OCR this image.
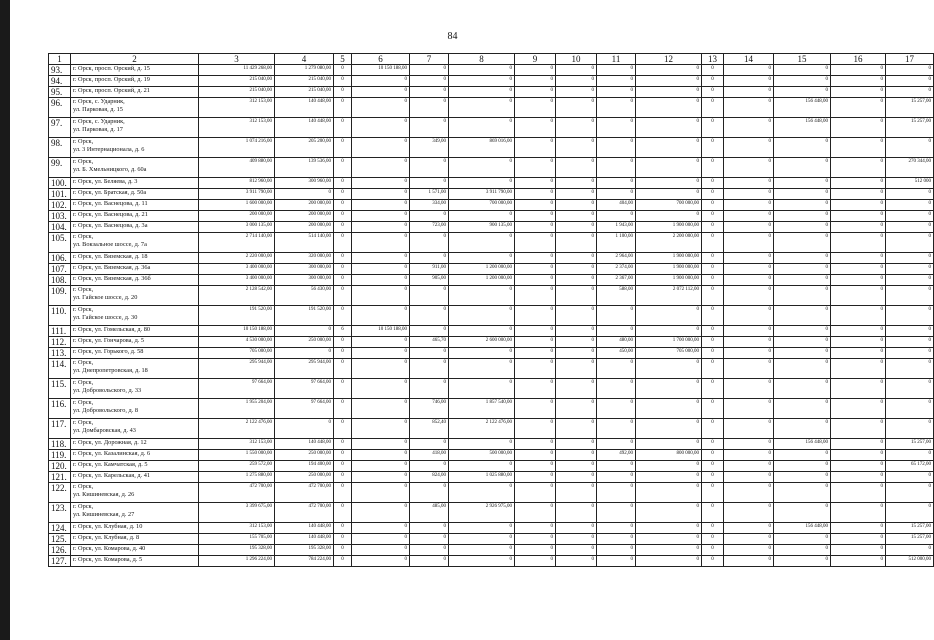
84
1	2	3	4	5	6	7	8	9	10	11	12	13	14	15	16	17
93.	г. Орск, просп. Орский, д. 15	11 429 268,00	1 279 080,00	0	10 150 188,00	0	0	0	0	0	0	0	0	0	0	0
94.	г. Орск, просп. Орский, д. 19	215 040,00	215 040,00	0	0	0	0	0	0	0	0	0	0	0	0	0
95.	г. Орск, просп. Орский, д. 21	215 040,00	215 040,00	0	0	0	0	0	0	0	0	0	0	0	0	0
96.	г. Орск, с. Ударник,
ул. Парковая, д. 15	312 153,00	140 448,00	0	0	0	0	0	0	0	0	0	0	156 448,00	0	15 257,00
97.	г. Орск, с. Ударник,
ул. Парковая, д. 17	312 153,00	140 448,00	0	0	0	0	0	0	0	0	0	0	156 448,00	0	15 257,00
98.	г. Орск,
ул. 3 Интернационала, д. 6	1 074 216,00	205 200,00	0	0	349,00	869 016,00	0	0	0	0	0	0	0	0	0
99.	г. Орск,
ул. Б. Хмельницкого, д. 60а	409 880,00	139 536,00	0	0	0	0	0	0	0	0	0	0	0	0	270 344,00
100.	г. Орск, ул. Беляева, д. 3	812 960,00	300 960,00	0	0	0	0	0	0	0	0	0	0	0	0	512 000
101.	г. Орск, ул. Братская, д. 50а	3 911 790,00	0	0	0	1 571,00	3 911 790,00	0	0	0	0	0	0	0	0	0
102.	г. Орск, ул. Васнецова, д. 11	1 600 000,00	200 000,00	0	0	334,00	700 000,00	0	0	404,00	700 000,00	0	0	0	0	0
103.	г. Орск, ул. Васнецова, д. 21	200 000,00	200 000,00	0	0	0	0	0	0	0	0	0	0	0	0	0
104.	г. Орск, ул. Васнецова, д. 3а	3 000 135,00	200 000,00	0	0	723,00	900 135,00	0	0	1 943,00	1 900 000,00	0	0	0	0	0
105.	г. Орск,
ул. Вокзальное шоссе, д. 7а	2 714 140,00	514 140,00	0	0	0	0	0	0	1 100,00	2 200 000,00	0	0	0	0	0
106.	г. Орск, ул. Вяземская, д. 18	2 220 000,00	320 000,00	0	0	0	0	0	0	2 964,00	1 900 000,00	0	0	0	0	0
107.	г. Орск, ул. Вяземская, д. 36а	3 400 000,00	300 000,00	0	0	911,00	1 200 000,00	0	0	2 374,00	1 900 000,00	0	0	0	0	0
108.	г. Орск, ул. Вяземская, д. 36б	3 400 000,00	300 000,00	0	0	905,00	1 200 000,00	0	0	2 367,00	1 900 000,00	0	0	0	0	0
109.	г. Орск,
ул. Гайское шоссе, д. 20	2 128 542,00	56 430,00	0	0	0	0	0	0	588,00	2 072 112,00	0	0	0	0	0
110.	г. Орск,
ул. Гайское шоссе, д. 30	191 520,00	191 520,00	0	0	0	0	0	0	0	0	0	0	0	0	0
111.	г. Орск, ул. Гомельская, д. 80	10 150 188,00	0	6	10 150 188,00	0	0	0	0	0	0	0	0	0	0	0
112.	г. Орск, ул. Гончарова, д. 5	4 530 000,00	250 000,00	0	0	465,70	2 600 000,00	0	0	480,00	1 700 000,00	0	0	0	0	0
113.	г. Орск, ул. Горького, д. 58	705 000,00	0	0	0	0	0	0	0	450,00	705 000,00	0	0	0	0	0
114.	г. Орск,
ул. Днепропетровская, д. 18	295 944,00	295 944,00	0	0	0	0	0	0	0	0	0	0	0	0	0
115.	г. Орск,
ул. Добровольского, д. 33	97 664,00	97 664,00	0	0	0	0	0	0	0	0	0	0	0	0	0
116.	г. Орск,
ул. Добровольского, д. 8	1 955 204,00	97 664,00	0	0	746,00	1 857 540,00	0	0	0	0	0	0	0	0	0
117.	г. Орск,
ул. Домбаровская, д. 43	2 122 476,00	0	0	0	852,40	2 122 476,00	0	0	0	0	0	0	0	0	0
118.	г. Орск, ул. Дорожная, д. 12	312 153,00	140 448,00	0	0	0	0	0	0	0	0	0	0	156 448,00	0	15 257,00
119.	г. Орск, ул. Казалинская, д. 6	1 550 000,00	250 000,00	0	0	418,00	500 000,00	0	0	492,00	800 000,00	0	0	0	0	0
120.	г. Орск, ул. Камчатская, д. 5	259 572,00	194 400,00	0	0	0	0	0	0	0	0	0	0	0	0	65 172,00
121.	г. Орск, ул. Карельская, д. 41	1 275 880,00	250 000,00	0	0	824,00	1 025 880,00	0	0	0	0	0	0	0	0	0
122.	г. Орск,
ул. Кишиневская, д. 26	472 700,00	472 700,00	0	0	0	0	0	0	0	0	0	0	0	0	0
123.	г. Орск,
ул. Кишиневская, д. 27	3 399 675,00	472 700,00	0	0	485,00	2 926 975,00	0	0	0	0	0	0	0	0	0
124.	г. Орск, ул. Клубная, д. 10	312 153,00	140 448,00	0	0	0	0	0	0	0	0	0	0	156 448,00	0	15 257,00
125.	г. Орск, ул. Клубная, д. 8	155 705,00	140 448,00	0	0	0	0	0	0	0	0	0	0	0	0	15 257,00
126.	г. Орск, ул. Комарова, д. 40	195 328,00	195 328,00	0	0	0	0	0	0	0	0	0	0	0	0	0
127.	г. Орск, ул. Комарова, д. 5	1 296 224,00	784 224,00	0	0	0	0	0	0	0	0	0	0	0	0	512 000,00
